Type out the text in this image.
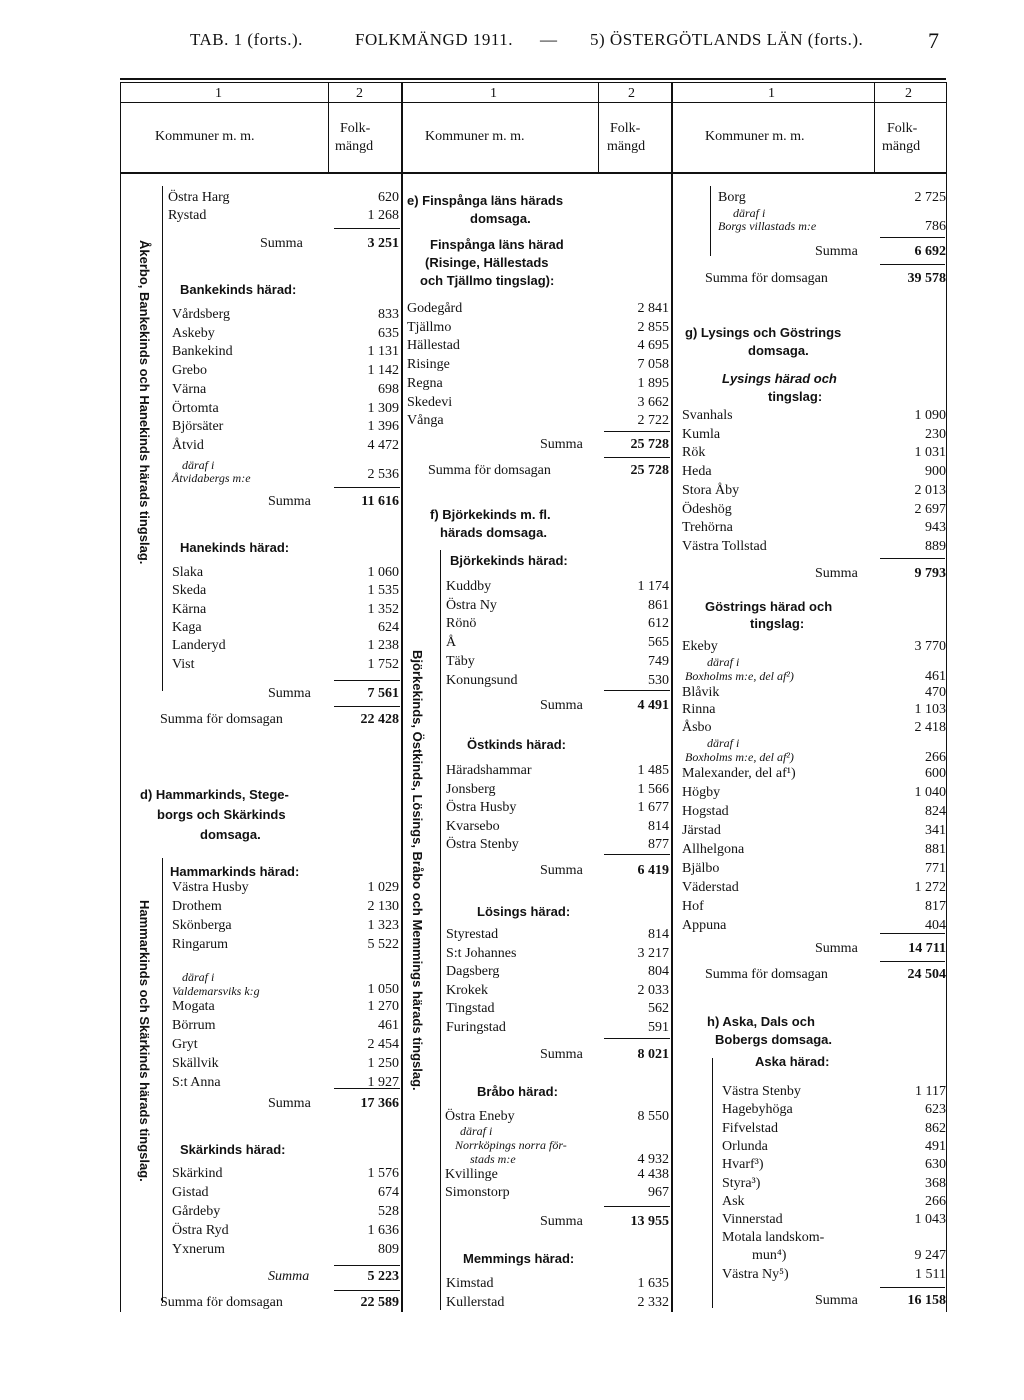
TAB. 1 (forts.).	FOLKMÄNGD 1911. — 5) ÖSTERGÖTLANDS LÄN (forts.).	7
1	2	1	2	1	2
Kommuner m. m.
Folk-
mängd
Kommuner m. m.
Folk-
mängd
Kommuner m. m.
Folk-
mängd
Åkerbo, Bankekinds och Hanekinds härads tingslag.
Hammarkinds och Skärkinds härads tingslag.	Björkekinds, Östkinds, Lösings, Bråbo och Memmings härads tingslag.
Östra Harg	620
Rystad	1 268
Summa	3 251
Bankekinds härad:
Vårdsberg	833
Askeby	635
Bankekind	1 131
Grebo	1 142
Värna	698
Örtomta	1 309
Björsäter	1 396
Åtvid	4 472
däraf i
Åtvidabergs m:e	2 536
Summa	11 616
Hanekinds härad:
Slaka	1 060
Skeda	1 535
Kärna	1 352
Kaga	624
Landeryd	1 238
Vist	1 752
Summa	7 561
Summa för domsagan	22 428
d) Hammarkinds, Stege-
borgs och Skärkinds
domsaga.
Hammarkinds härad:
Västra Husby	1 029
Drothem	2 130
Skönberga	1 323
Ringarum	5 522
däraf i
Valdemarsviks k:g	1 050
Mogata	1 270
Börrum	461
Gryt	2 454
Skällvik	1 250
S:t Anna	1 927
Summa	17 366
Skärkinds härad:
Skärkind	1 576
Gistad	674
Gårdeby	528
Östra Ryd	1 636
Yxnerum	809
Summa	5 223
Summa för domsagan	22 589
e) Finspånga läns härads
domsaga.
Finspånga läns härad
(Risinge, Hällestads
och Tjällmo tingslag):
Godegård	2 841
Tjällmo	2 855
Hällestad	4 695
Risinge	7 058
Regna	1 895
Skedevi	3 662
Vånga	2 722
Summa	25 728
Summa för domsagan	25 728
f) Björkekinds m. fl.
härads domsaga.
Björkekinds härad:
Kuddby	1 174
Östra Ny	861
Rönö	612
Å	565
Täby	749
Konungsund	530
Summa	4 491
Östkinds härad:
Häradshammar	1 485
Jonsberg	1 566
Östra Husby	1 677
Kvarsebo	814
Östra Stenby	877
Summa	6 419
Lösings härad:
Styrestad	814
S:t Johannes	3 217
Dagsberg	804
Krokek	2 033
Tingstad	562
Furingstad	591
Summa	8 021
Bråbo härad:
Östra Eneby	8 550
däraf i
Norrköpings norra för-
stads m:e	4 932
Kvillinge	4 438
Simonstorp	967
Summa	13 955
Memmings härad:
Kimstad	1 635
Kullerstad	2 332
Borg	2 725
däraf i
Borgs villastads m:e	786
Summa	6 692
Summa för domsagan	39 578
g) Lysings och Göstrings
domsaga.
Lysings härad och
tingslag:
Svanhals	1 090
Kumla	230
Rök	1 031
Heda	900
Stora Åby	2 013
Ödeshög	2 697
Trehörna	943
Västra Tollstad	889
Summa	9 793
Göstrings härad och
tingslag:
Ekeby	3 770
däraf i
Boxholms m:e, del af²)	461
Blåvik	470
Rinna	1 103
Åsbo	2 418
däraf i
Boxholms m:e, del af²)	266
Malexander, del af¹)	600
Högby	1 040
Hogstad	824
Järstad	341
Allhelgona	881
Bjälbo	771
Väderstad	1 272
Hof	817
Appuna	404
Summa	14 711
Summa för domsagan	24 504
h) Aska, Dals och
Bobergs domsaga.
Aska härad:
Västra Stenby	1 117
Hagebyhöga	623
Fifvelstad	862
Orlunda	491
Hvarf³)	630
Styra³)	368
Ask	266
Vinnerstad	1 043
Motala landskom-
mun⁴)	9 247
Västra Ny⁵)	1 511
Summa	16 158
